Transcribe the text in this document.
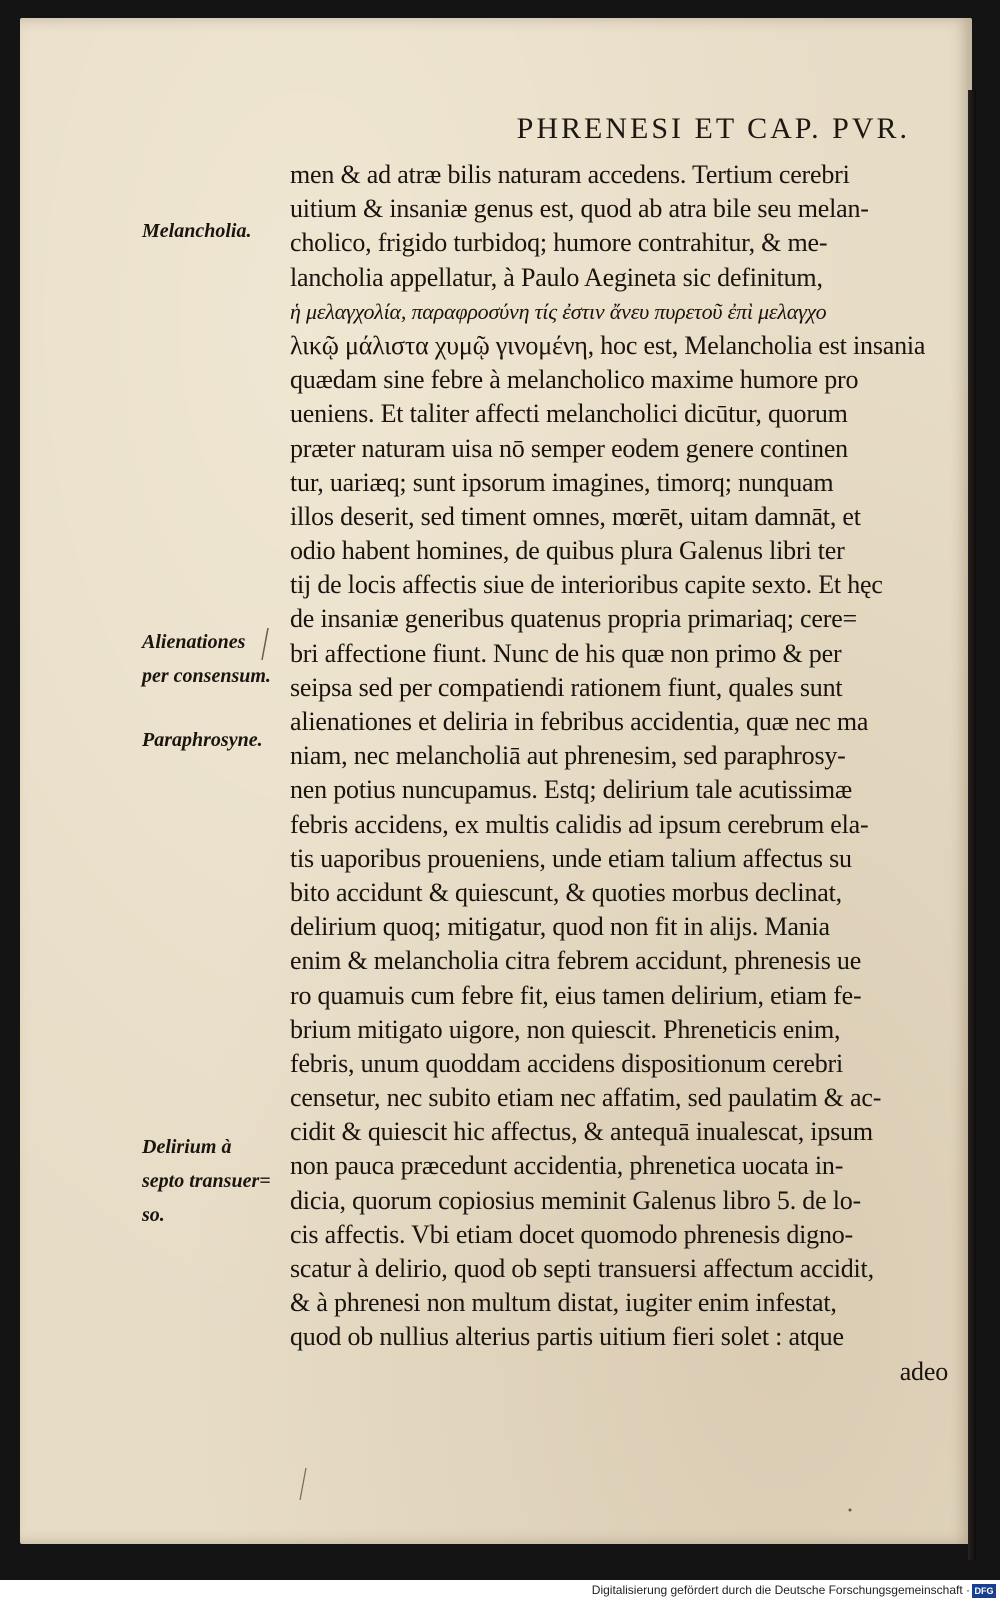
PHRENESI ET CAP. PVR.
men & ad atræ bilis naturam accedens. Tertium cerebri
uitium & insaniæ genus est, quod ab atra bile seu melan-
cholico, frigido turbidoq; humore contrahitur, & me-
lancholia appellatur, à Paulo Aegineta sic definitum,
ἡ μελαγχολία, παραφροσύνη τίς ἐστιν ἄνευ πυρετοῦ ἐπὶ μελαγχο
λικῷ μάλιστα χυμῷ γινομένη, hoc est, Melancholia est insania
quædam sine febre à melancholico maxime humore pro
ueniens. Et taliter affecti melancholici dicūtur, quorum
præter naturam uisa nō semper eodem genere continen
tur, uariæq; sunt ipsorum imagines, timorq; nunquam
illos deserit, sed timent omnes, mœrēt, uitam damnāt, et
odio habent homines, de quibus plura Galenus libri ter
tij de locis affectis siue de interioribus capite sexto. Et hęc
de insaniæ generibus quatenus propria primariaq; cere=
bri affectione fiunt. Nunc de his quæ non primo & per
seipsa sed per compatiendi rationem fiunt, quales sunt
alienationes et deliria in febribus accidentia, quæ nec ma
niam, nec melancholiā aut phrenesim, sed paraphrosy-
nen potius nuncupamus. Estq; delirium tale acutissimæ
febris accidens, ex multis calidis ad ipsum cerebrum ela-
tis uaporibus proueniens, unde etiam talium affectus su
bito accidunt & quiescunt, & quoties morbus declinat,
delirium quoq; mitigatur, quod non fit in alijs. Mania
enim & melancholia citra febrem accidunt, phrenesis ue
ro quamuis cum febre fit, eius tamen delirium, etiam fe-
brium mitigato uigore, non quiescit. Phreneticis enim,
febris, unum quoddam accidens dispositionum cerebri
censetur, nec subito etiam nec affatim, sed paulatim & ac-
cidit & quiescit hic affectus, & antequā inualescat, ipsum
non pauca præcedunt accidentia, phrenetica uocata in-
dicia, quorum copiosius meminit Galenus libro 5. de lo-
cis affectis. Vbi etiam docet quomodo phrenesis digno-
scatur à delirio, quod ob septi transuersi affectum accidit,
& à phrenesi non multum distat, iugiter enim infestat,
quod ob nullius alterius partis uitium fieri solet : atque
adeo
Melancholia.
Alienationes
per consensum.
Paraphrosyne.
Delirium à
septo transuer=
so.
Digitalisierung gefördert durch die Deutsche Forschungsgemeinschaft · DFG
